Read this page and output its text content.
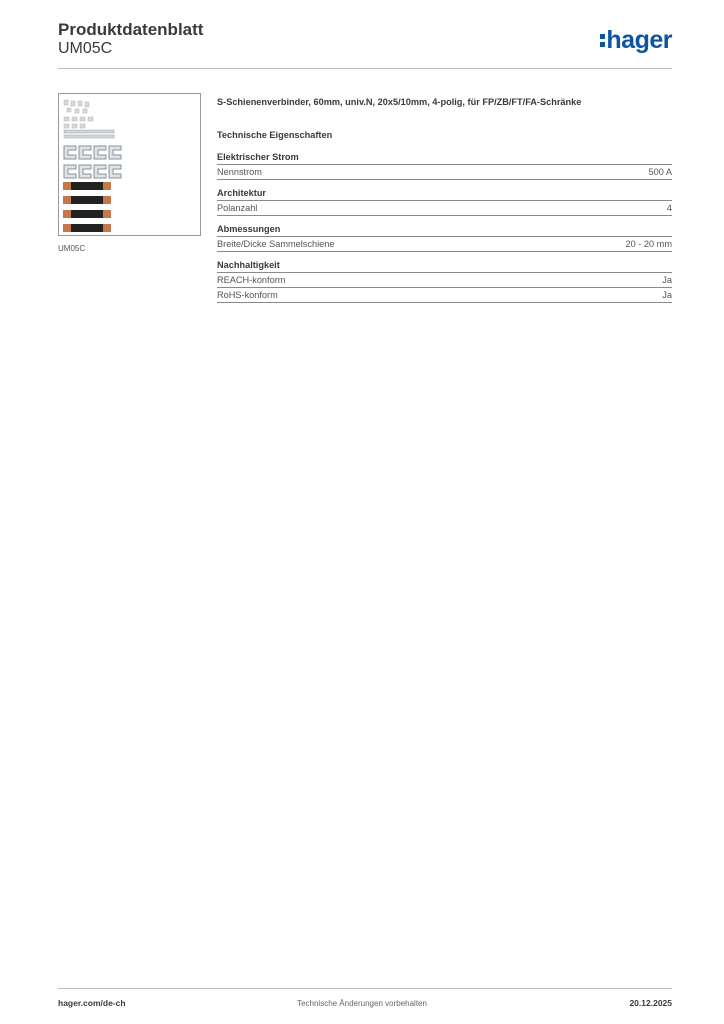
Produktdatenblatt
UM05C	hager
UM05C
S-Schienenverbinder, 60mm, univ.N, 20x5/10mm, 4-polig, für FP/ZB/FT/FA-Schränke
Technische Eigenschaften
Elektrischer Strom
Nennstrom	500 A
Architektur
Polanzahl	4
Abmessungen
Breite/Dicke Sammelschiene	20 - 20 mm
Nachhaltigkeit
REACH-konform	Ja
RoHS-konform	Ja
hager.com/de-ch	Technische Änderungen vorbehalten	20.12.2025
